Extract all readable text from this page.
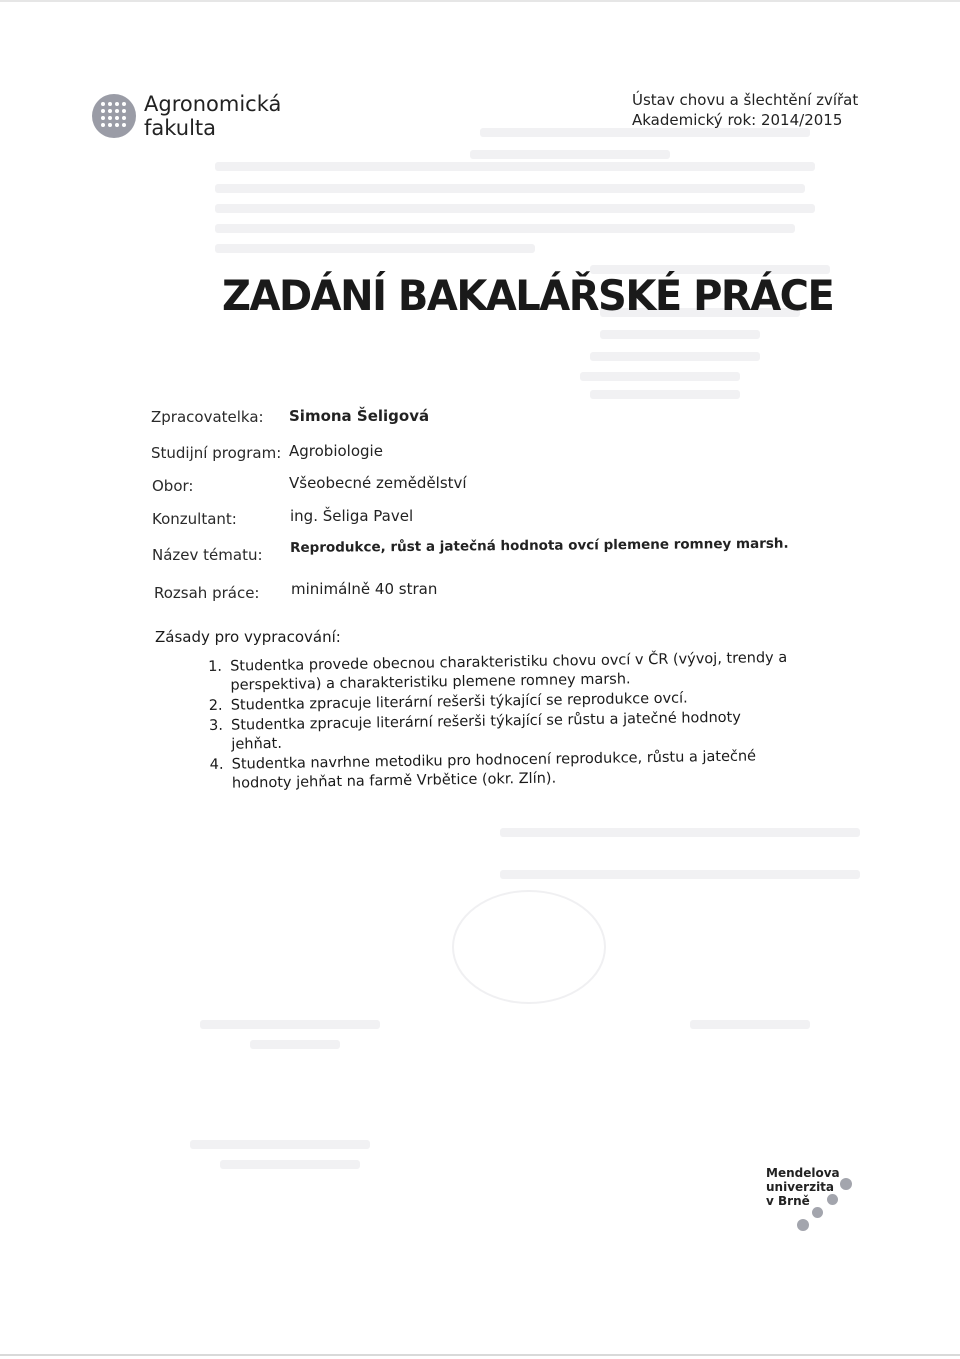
Agronomická
fakulta
Ústav chovu a šlechtění zvířat
Akademický rok: 2014/2015
ZADÁNÍ BAKALÁŘSKÉ PRÁCE
Zpracovatelka: Simona Šeligová
Studijní program: Agrobiologie
Obor:	Všeobecné zemědělství
Konzultant:	ing. Šeliga Pavel
Název tématu: Reprodukce, růst a jatečná hodnota ovcí plemene romney marsh.
Rozsah práce: minimálně 40 stran
Zásady pro vypracování:
1. Studentka provede obecnou charakteristiku chovu ovcí v ČR (vývoj, trendy a perspektiva) a charakteristiku plemene romney marsh.
2. Studentka zpracuje literární rešerši týkající se reprodukce ovcí.
3. Studentka zpracuje literární rešerši týkající se růstu a jatečné hodnoty jehňat.
4. Studentka navrhne metodiku pro hodnocení reprodukce, růstu a jatečné hodnoty jehňat na farmě Vrbětice (okr. Zlín).
Mendelova
univerzita
v Brně
